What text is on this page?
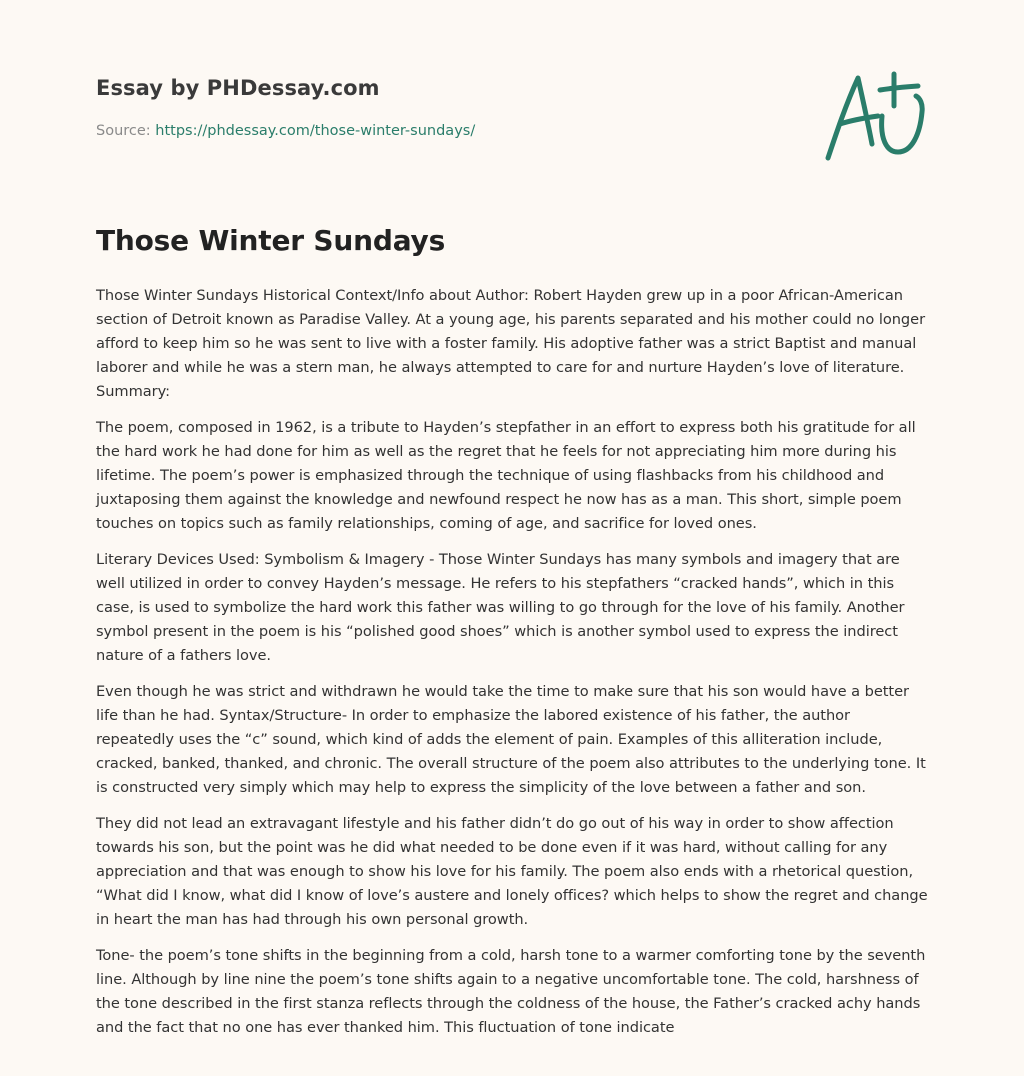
Essay by PHDessay.com
Source: https://phdessay.com/those-winter-sundays/
Those Winter Sundays

Those Winter Sundays Historical Context/Info about Author: Robert Hayden grew up in a poor African-American section of Detroit known as Paradise Valley. At a young age, his parents separated and his mother could no longer afford to keep him so he was sent to live with a foster family. His adoptive father was a strict Baptist and manual laborer and while he was a stern man, he always attempted to care for and nurture Hayden’s love of literature. Summary:

The poem, composed in 1962, is a tribute to Hayden’s stepfather in an effort to express both his gratitude for all the hard work he had done for him as well as the regret that he feels for not appreciating him more during his lifetime. The poem’s power is emphasized through the technique of using flashbacks from his childhood and juxtaposing them against the knowledge and newfound respect he now has as a man. This short, simple poem touches on topics such as family relationships, coming of age, and sacrifice for loved ones.

Literary Devices Used: Symbolism & Imagery - Those Winter Sundays has many symbols and imagery that are well utilized in order to convey Hayden’s message. He refers to his stepfathers “cracked hands”, which in this case, is used to symbolize the hard work this father was willing to go through for the love of his family. Another symbol present in the poem is his “polished good shoes” which is another symbol used to express the indirect nature of a fathers love.

Even though he was strict and withdrawn he would take the time to make sure that his son would have a better life than he had. Syntax/Structure- In order to emphasize the labored existence of his father, the author repeatedly uses the “c” sound, which kind of adds the element of pain. Examples of this alliteration include, cracked, banked, thanked, and chronic. The overall structure of the poem also attributes to the underlying tone. It is constructed very simply which may help to express the simplicity of the love between a father and son.

They did not lead an extravagant lifestyle and his father didn’t do go out of his way in order to show affection towards his son, but the point was he did what needed to be done even if it was hard, without calling for any appreciation and that was enough to show his love for his family. The poem also ends with a rhetorical question, “What did I know, what did I know of love’s austere and lonely offices? which helps to show the regret and change in heart the man has had through his own personal growth.

Tone- the poem’s tone shifts in the beginning from a cold, harsh tone to a warmer comforting tone by the seventh line. Although by line nine the poem’s tone shifts again to a negative uncomfortable tone. The cold, harshness of the tone described in the first stanza reflects through the coldness of the house, the Father’s cracked achy hands and the fact that no one has ever thanked him. This fluctuation of tone indicate
